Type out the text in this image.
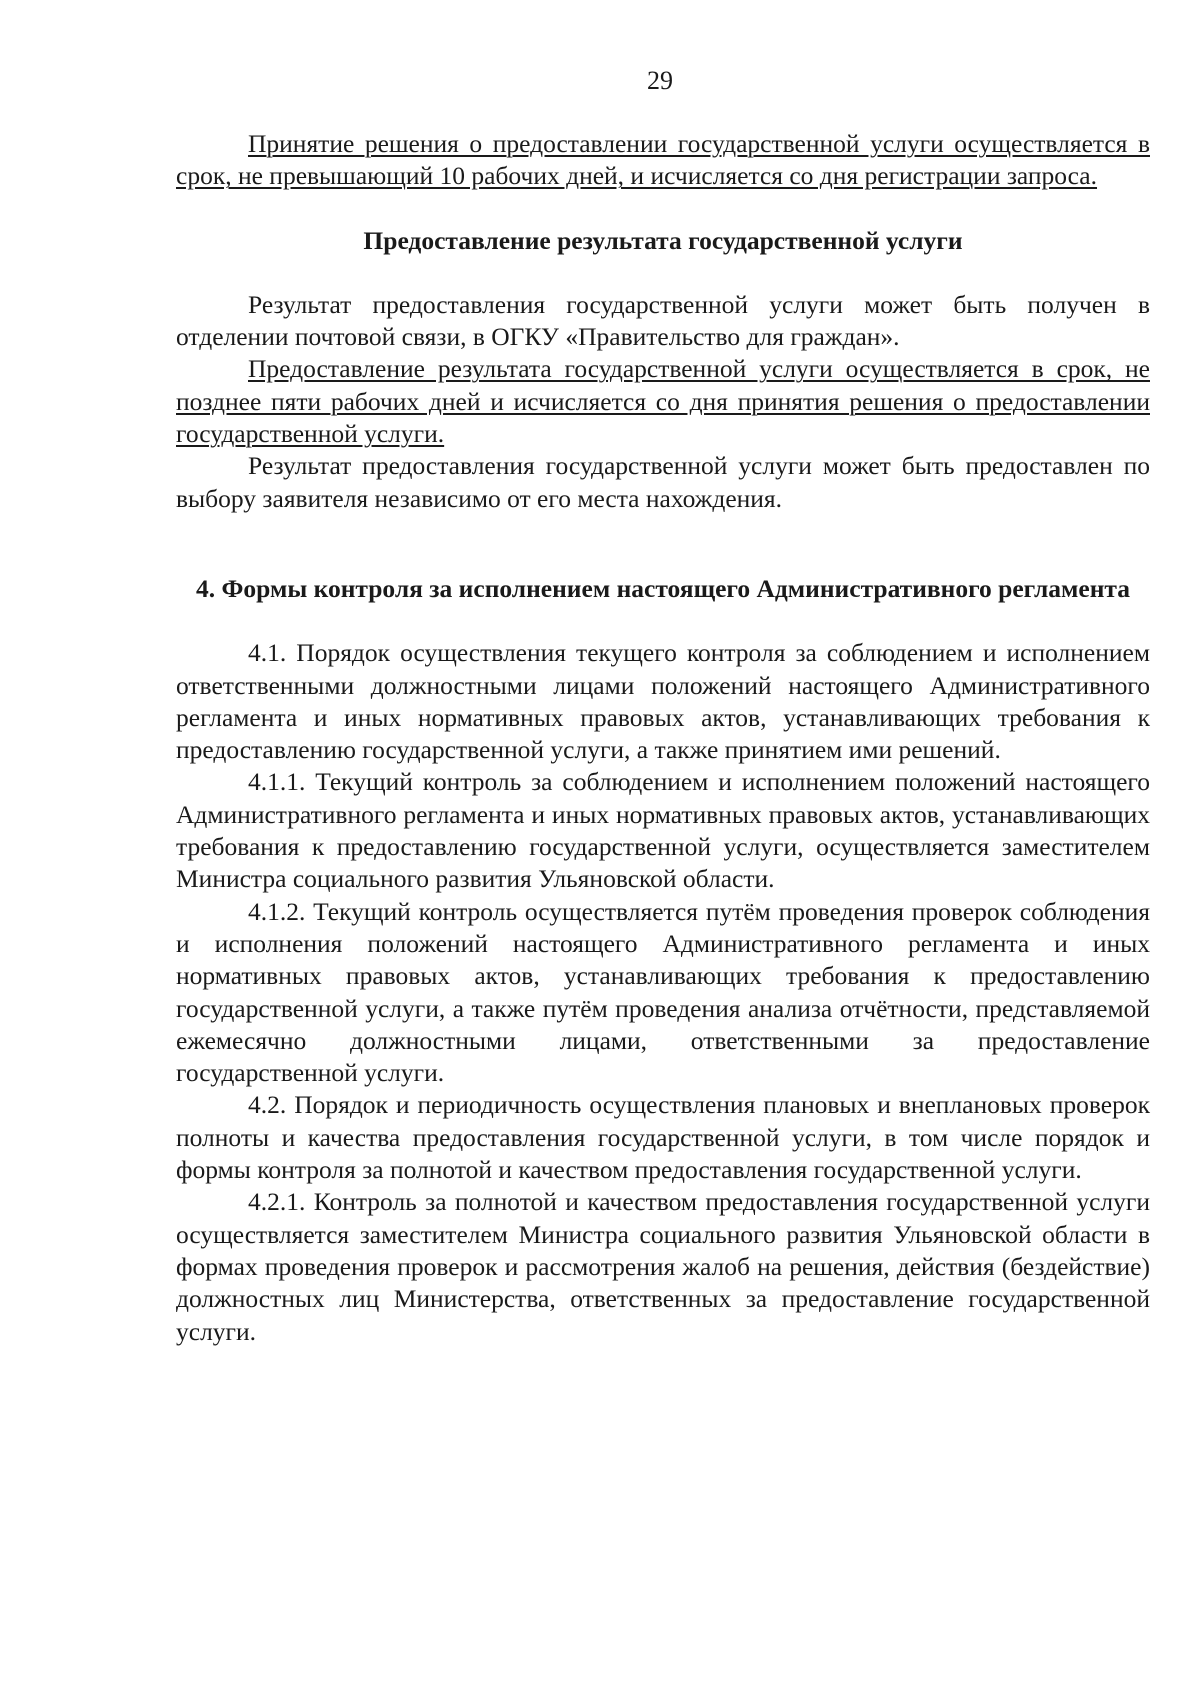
29

Принятие решения о предоставлении государственной услуги осуществляется в срок, не превышающий 10 рабочих дней, и исчисляется со дня регистрации запроса.

Предоставление результата государственной услуги

Результат предоставления государственной услуги может быть получен в отделении почтовой связи, в ОГКУ «Правительство для граждан».

Предоставление результата государственной услуги осуществляется в срок, не позднее пяти рабочих дней и исчисляется со дня принятия решения о предоставлении государственной услуги.

Результат предоставления государственной услуги может быть предоставлен по выбору заявителя независимо от его места нахождения.

4. Формы контроля за исполнением настоящего Административного регламента

4.1. Порядок осуществления текущего контроля за соблюдением и исполнением ответственными должностными лицами положений настоящего Административного регламента и иных нормативных правовых актов, устанавливающих требования к предоставлению государственной услуги, а также принятием ими решений.

4.1.1. Текущий контроль за соблюдением и исполнением положений настоящего Административного регламента и иных нормативных правовых актов, устанавливающих требования к предоставлению государственной услуги, осуществляется заместителем Министра социального развития Ульяновской области.

4.1.2. Текущий контроль осуществляется путём проведения проверок соблюдения и исполнения положений настоящего Административного регламента и иных нормативных правовых актов, устанавливающих требования к предоставлению государственной услуги, а также путём проведения анализа отчётности, представляемой ежемесячно должностными лицами, ответственными за предоставление государственной услуги.

4.2. Порядок и периодичность осуществления плановых и внеплановых проверок полноты и качества предоставления государственной услуги, в том числе порядок и формы контроля за полнотой и качеством предоставления государственной услуги.

4.2.1. Контроль за полнотой и качеством предоставления государственной услуги осуществляется заместителем Министра социального развития Ульяновской области в формах проведения проверок и рассмотрения жалоб на решения, действия (бездействие) должностных лиц Министерства, ответственных за предоставление государственной услуги.
